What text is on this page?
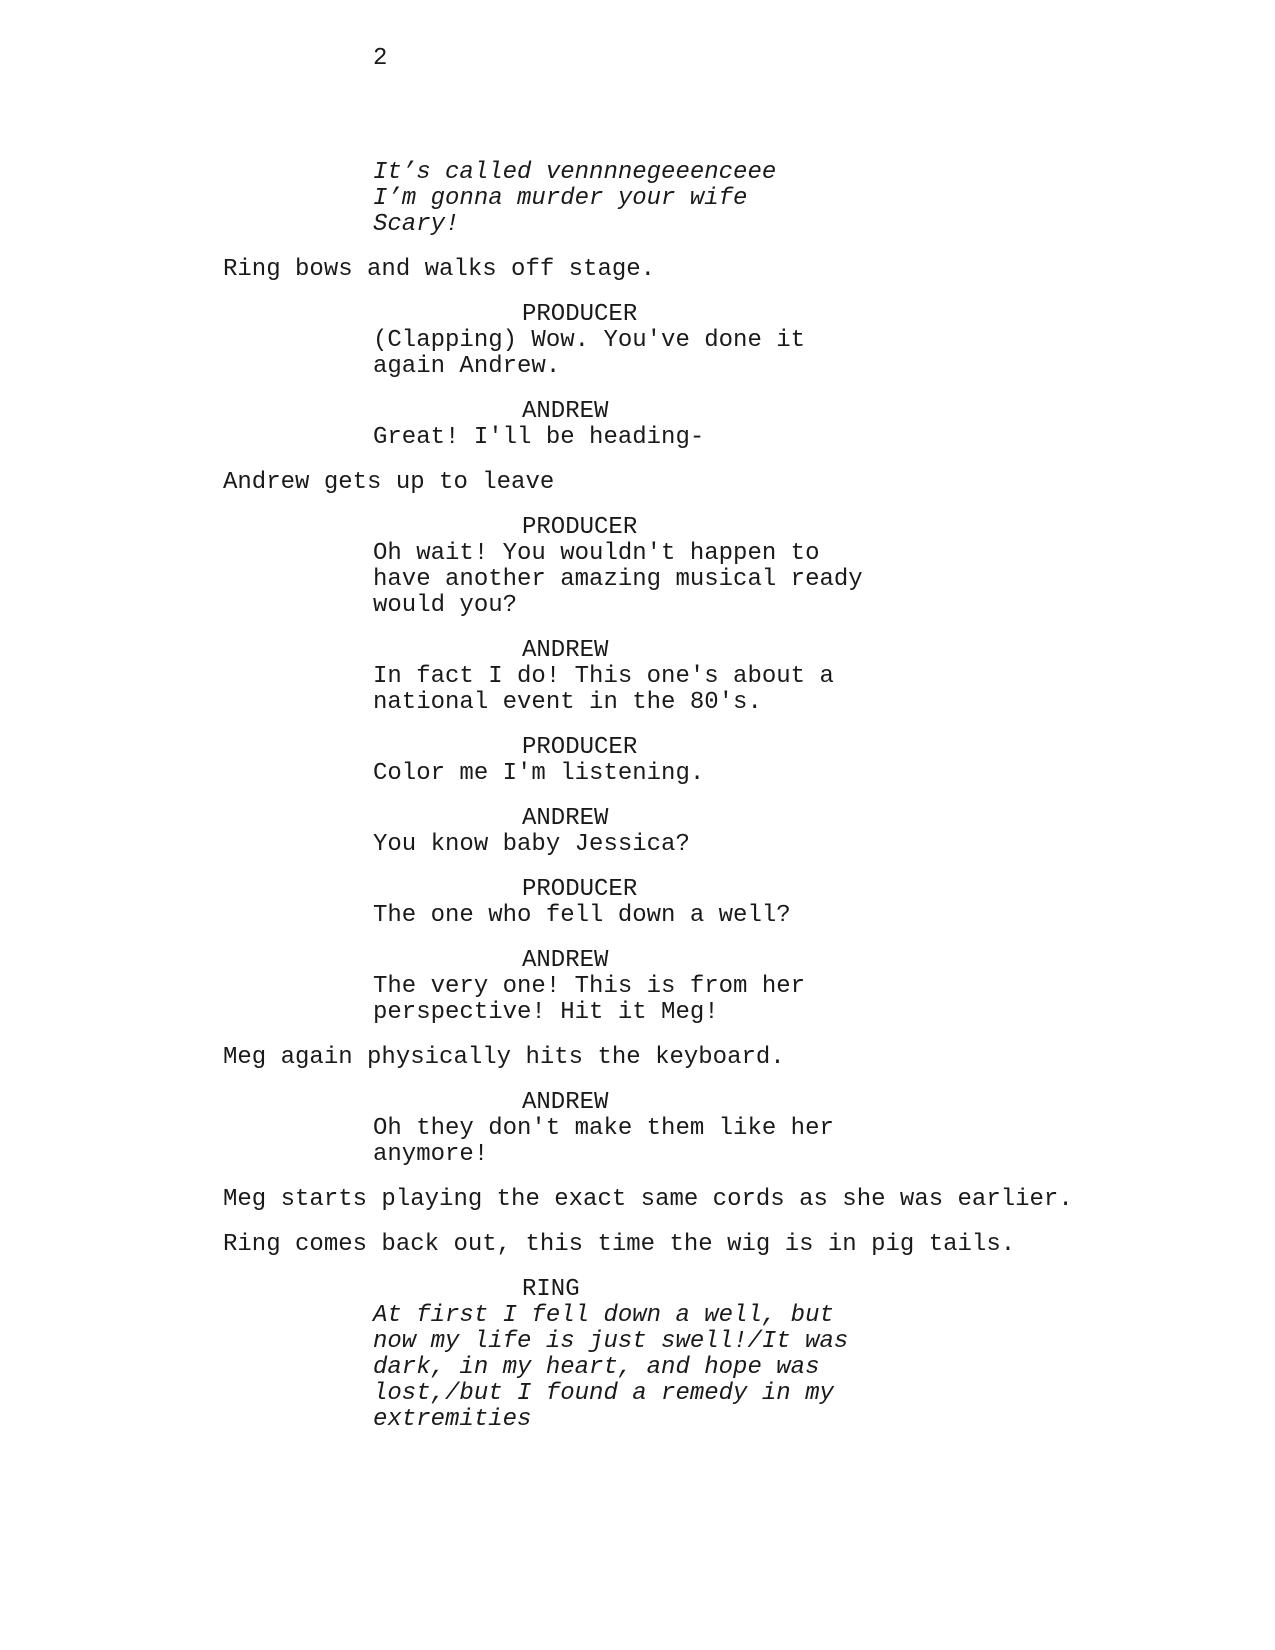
2

It’s called vennnnegeeenceee
I’m gonna murder your wife
Scary!
Ring bows and walks off stage.
PRODUCER
(Clapping) Wow. You've done it
again Andrew.
ANDREW
Great! I'll be heading-
Andrew gets up to leave
PRODUCER
Oh wait! You wouldn't happen to
have another amazing musical ready
would you?
ANDREW
In fact I do! This one's about a
national event in the 80's.
PRODUCER
Color me I'm listening.
ANDREW
You know baby Jessica?
PRODUCER
The one who fell down a well?
ANDREW
The very one! This is from her
perspective! Hit it Meg!
Meg again physically hits the keyboard.
ANDREW
Oh they don't make them like her
anymore!
Meg starts playing the exact same cords as she was earlier.
Ring comes back out, this time the wig is in pig tails.
RING
At first I fell down a well, but
now my life is just swell!/It was
dark, in my heart, and hope was
lost,/but I found a remedy in my
extremities
